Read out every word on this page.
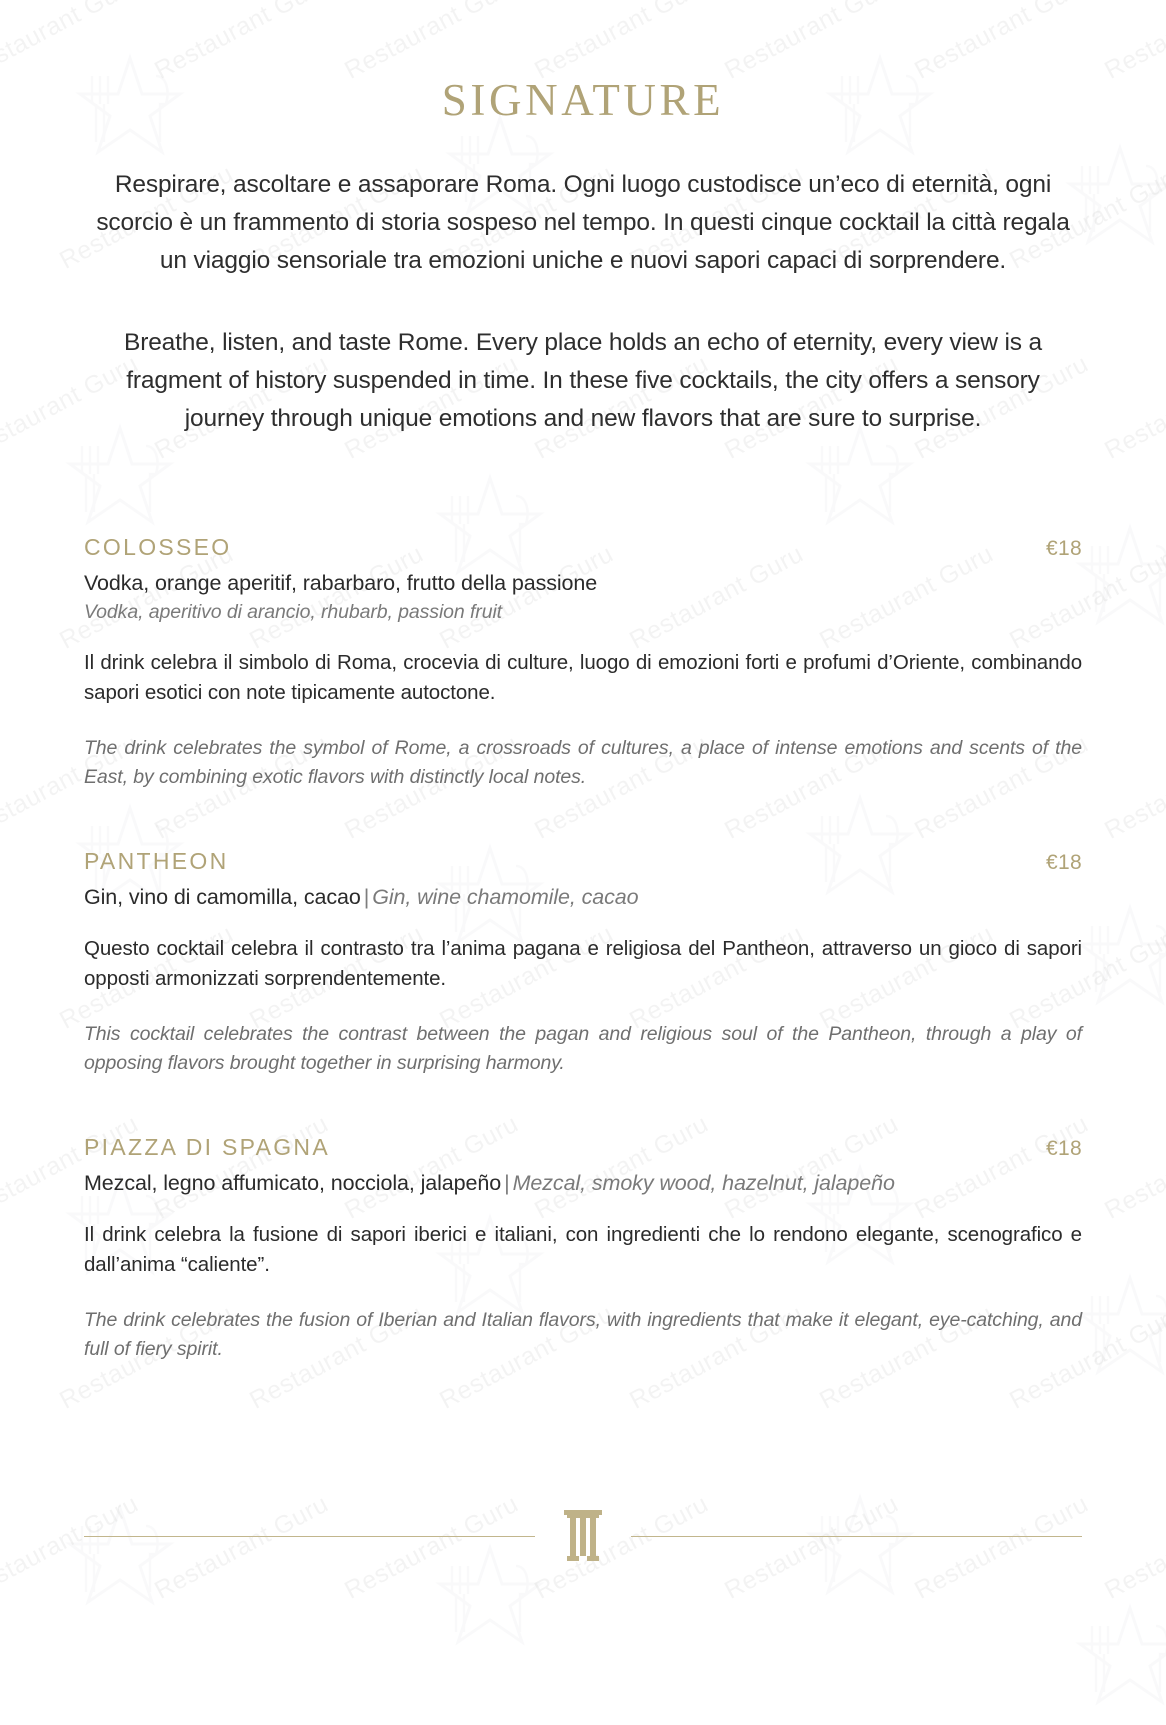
SIGNATURE

Respirare, ascoltare e assaporare Roma. Ogni luogo custodisce un’eco di eternità, ogni scorcio è un frammento di storia sospeso nel tempo. In questi cinque cocktail la città regala un viaggio sensoriale tra emozioni uniche e nuovi sapori capaci di sorprendere.

Breathe, listen, and taste Rome. Every place holds an echo of eternity, every view is a fragment of history suspended in time. In these five cocktails, the city offers a sensory journey through unique emotions and new flavors that are sure to surprise.

COLOSSEO	€18
Vodka, orange aperitif, rabarbaro, frutto della passione
Vodka, aperitivo di arancio, rhubarb, passion fruit
Il drink celebra il simbolo di Roma, crocevia di culture, luogo di emozioni forti e profumi d’Oriente, combinando sapori esotici con note tipicamente autoctone.
The drink celebrates the symbol of Rome, a crossroads of cultures, a place of intense emotions and scents of the East, by combining exotic flavors with distinctly local notes.
PANTHEON	€18
Gin, vino di camomilla, cacao | Gin, wine chamomile, cacao
Questo cocktail celebra il contrasto tra l’anima pagana e religiosa del Pantheon, attraverso un gioco di sapori opposti armonizzati sorprendentemente.
This cocktail celebrates the contrast between the pagan and religious soul of the Pantheon, through a play of opposing flavors brought together in surprising harmony.
PIAZZA DI SPAGNA	€18
Mezcal, legno affumicato, nocciola, jalapeño | Mezcal, smoky wood, hazelnut, jalapeño
Il drink celebra la fusione di sapori iberici e italiani, con ingredienti che lo rendono elegante, scenografico e dall’anima “caliente”.
The drink celebrates the fusion of Iberian and Italian flavors, with ingredients that make it elegant, eye-catching, and full of fiery spirit.
